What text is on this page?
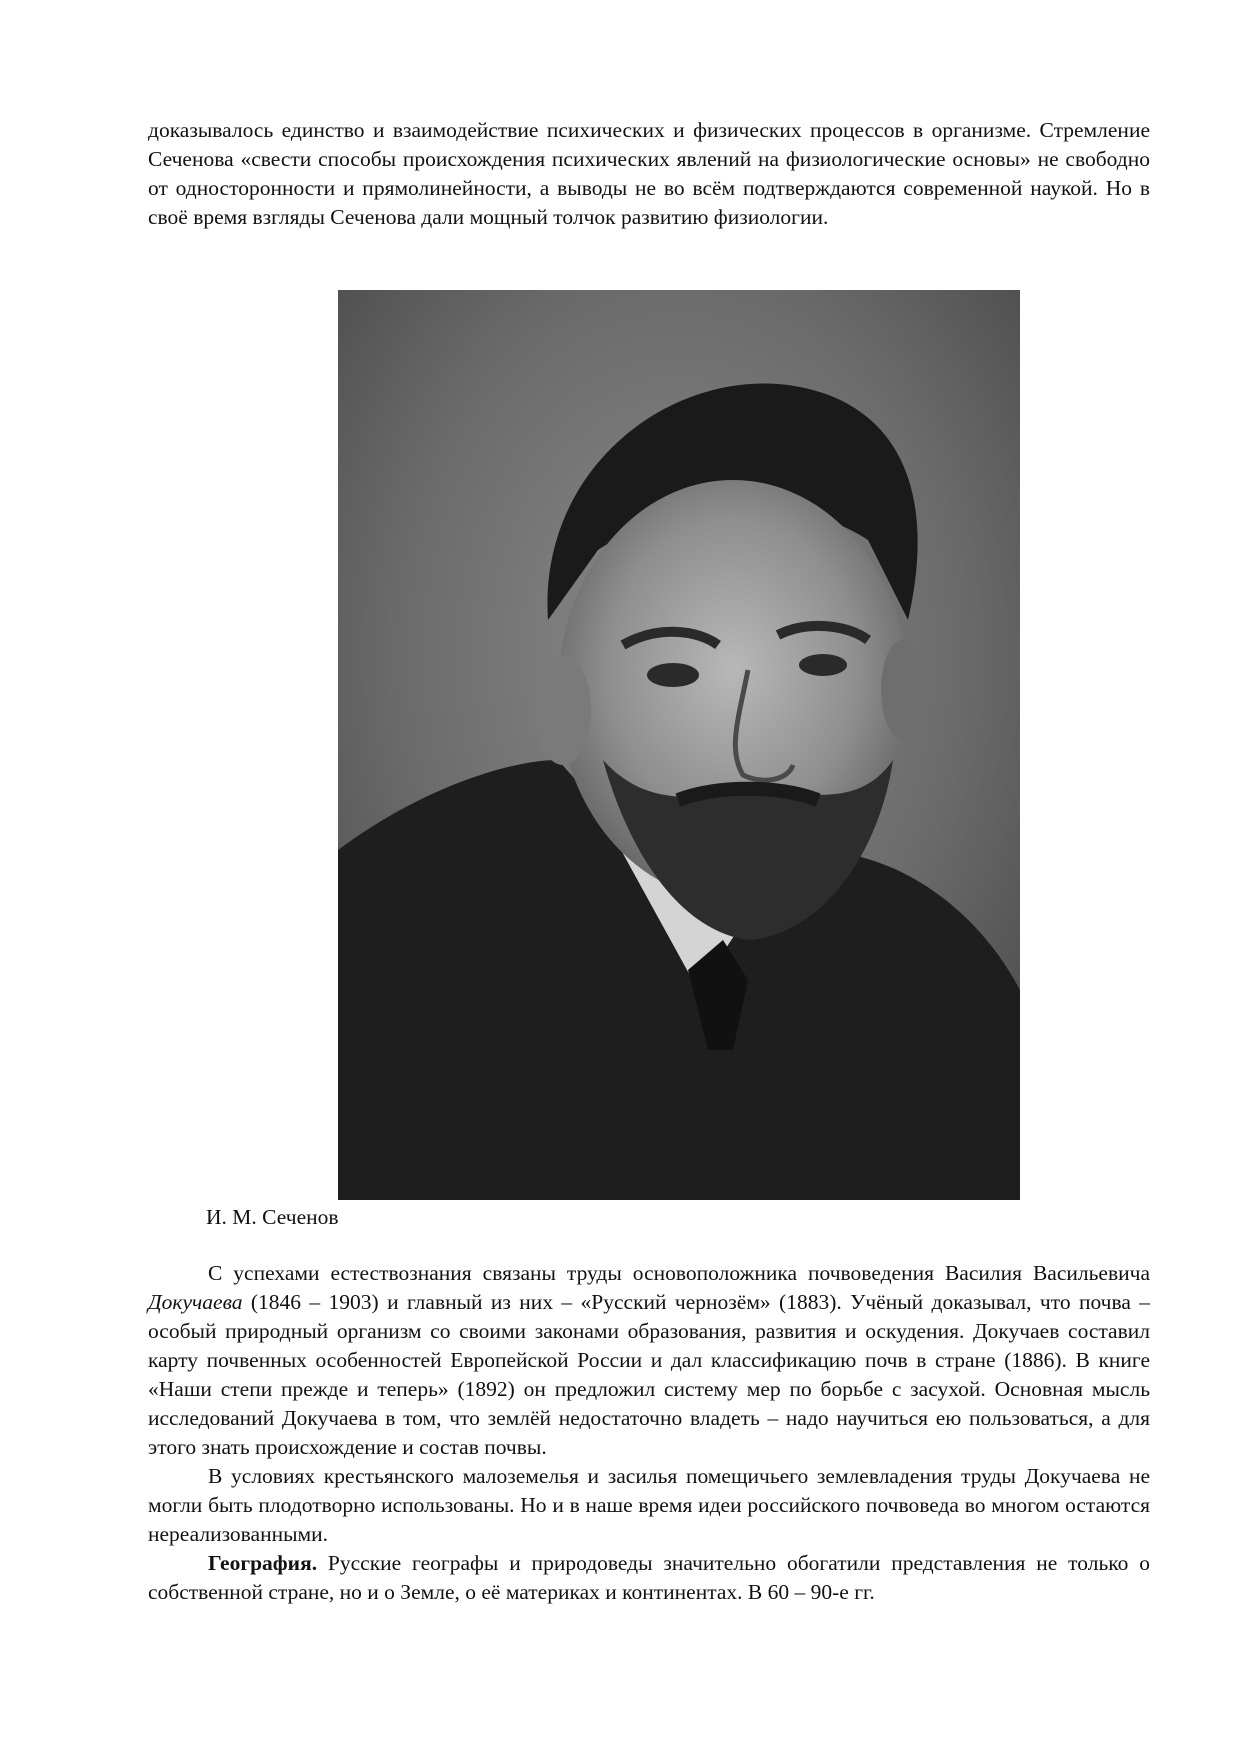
доказывалось единство и взаимодействие психических и физических процессов в организме. Стремление Сеченова «свести способы происхождения психических явлений на физиологические основы» не свободно от односторонности и прямолинейности, а выводы не во всём подтверждаются современной наукой. Но в своё время взгляды Сеченова дали мощный толчок развитию физиологии.

И. М. Сеченов

С успехами естествознания связаны труды основоположника почвоведения Василия Васильевича Докучаева (1846 – 1903) и главный из них – «Русский чернозём» (1883). Учёный доказывал, что почва – особый природный организм со своими законами образования, развития и оскудения. Докучаев составил карту почвенных особенностей Европейской России и дал классификацию почв в стране (1886). В книге «Наши степи прежде и теперь» (1892) он предложил систему мер по борьбе с засухой. Основная мысль исследований Докучаева в том, что землёй недостаточно владеть – надо научиться ею пользоваться, а для этого знать происхождение и состав почвы.

В условиях крестьянского малоземелья и засилья помещичьего землевладения труды Докучаева не могли быть плодотворно использованы. Но и в наше время идеи российского почвоведа во многом остаются нереализованными.

География. Русские географы и природоведы значительно обогатили представления не только о собственной стране, но и о Земле, о её материках и континентах. В 60 – 90-е гг.
